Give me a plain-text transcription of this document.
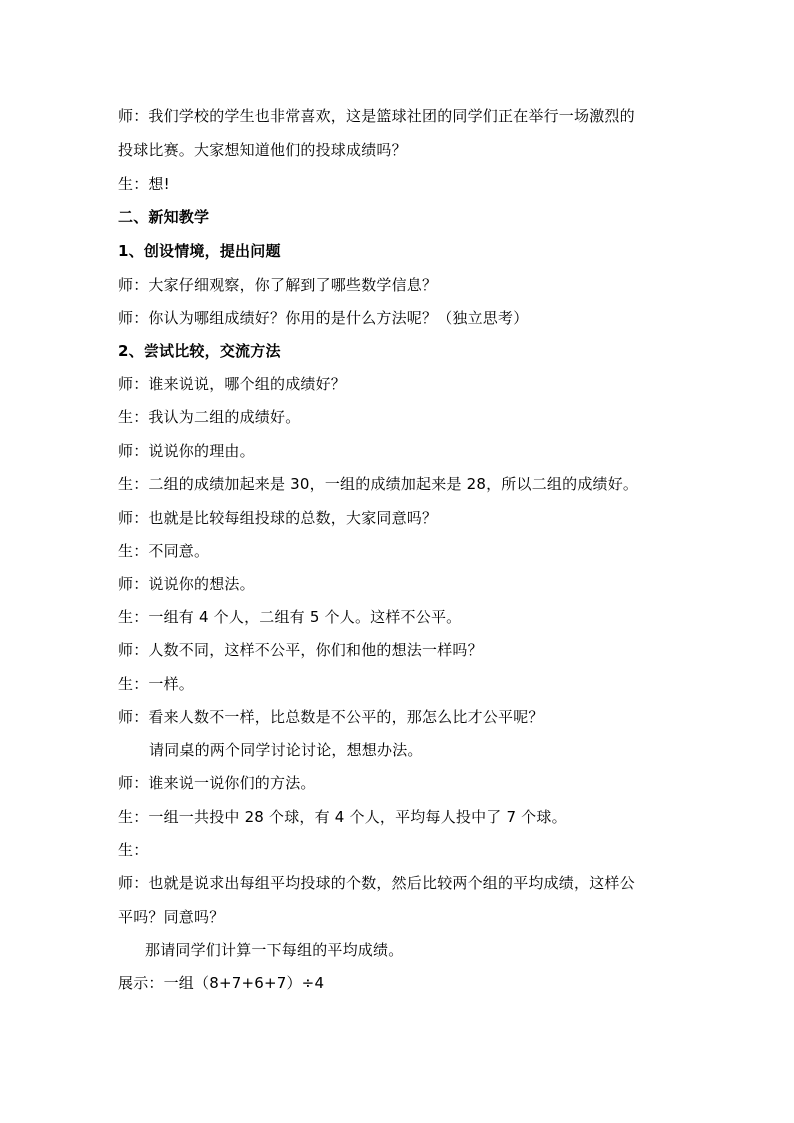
师：我们学校的学生也非常喜欢，这是篮球社团的同学们正在举行一场激烈的
投球比赛。大家想知道他们的投球成绩吗？
生：想!
二、新知教学
1、创设情境，提出问题
师：大家仔细观察，你了解到了哪些数学信息？
师：你认为哪组成绩好？你用的是什么方法呢？（独立思考）
2、尝试比较，交流方法
师：谁来说说，哪个组的成绩好？
生：我认为二组的成绩好。
师：说说你的理由。
生：二组的成绩加起来是 30，一组的成绩加起来是 28，所以二组的成绩好。
师：也就是比较每组投球的总数，大家同意吗？
生：不同意。
师：说说你的想法。
生：一组有 4 个人，二组有 5 个人。这样不公平。
师：人数不同，这样不公平，你们和他的想法一样吗？
生：一样。
师：看来人数不一样，比总数是不公平的，那怎么比才公平呢？
请同桌的两个同学讨论讨论，想想办法。
师：谁来说一说你们的方法。
生：一组一共投中 28 个球，有 4 个人，平均每人投中了 7 个球。
生：
师：也就是说求出每组平均投球的个数，然后比较两个组的平均成绩，这样公
平吗？同意吗？
那请同学们计算一下每组的平均成绩。
展示：一组（8+7+6+7）÷4
